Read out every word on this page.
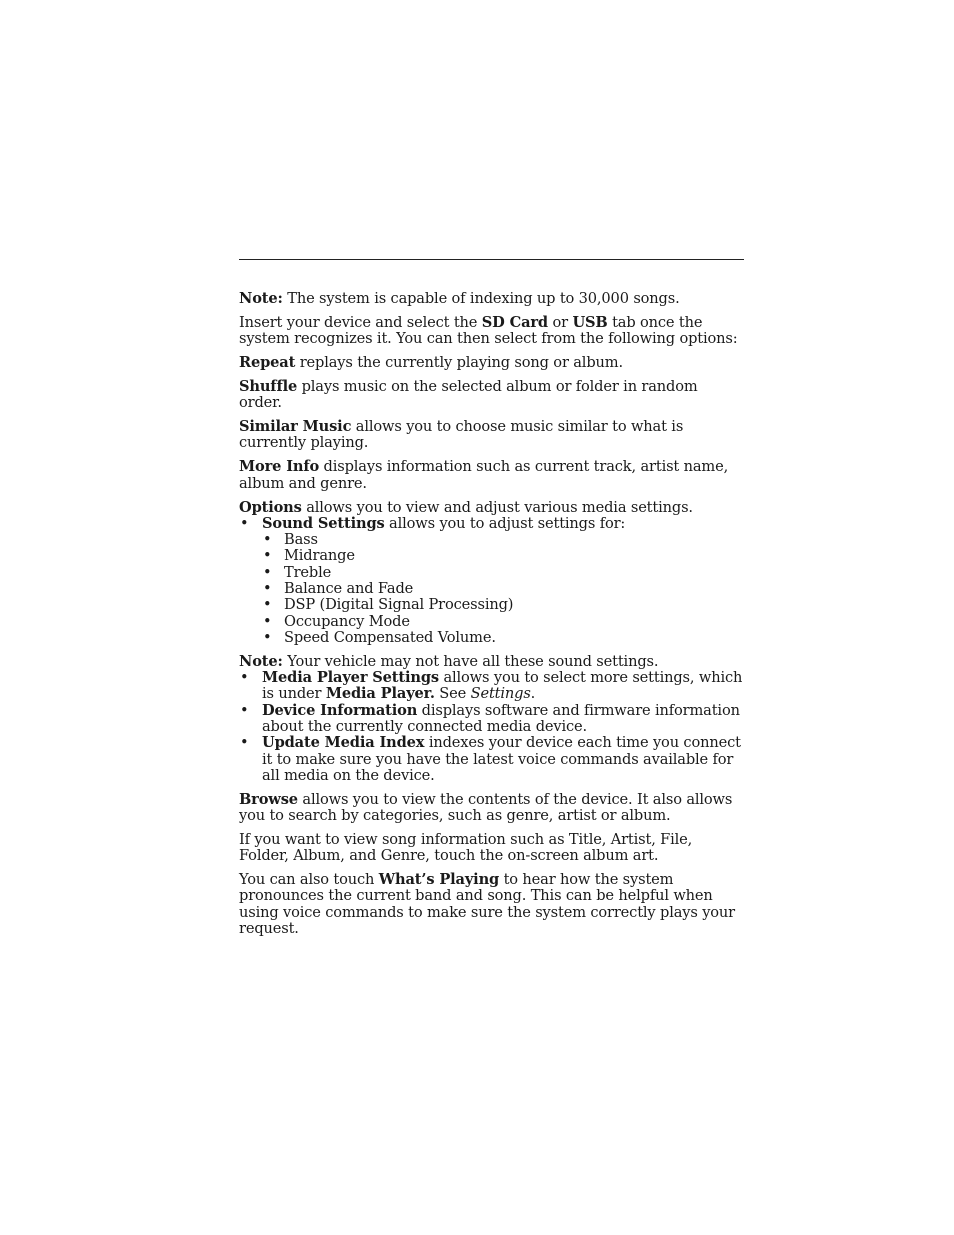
Note: The system is capable of indexing up to 30,000 songs.

Insert your device and select the SD Card or USB tab once the system recognizes it. You can then select from the following options:

Repeat replays the currently playing song or album.

Shuffle plays music on the selected album or folder in random order.

Similar Music allows you to choose music similar to what is currently playing.

More Info displays information such as current track, artist name, album and genre.

Options allows you to view and adjust various media settings.
• Sound Settings allows you to adjust settings for:
• Bass
• Midrange
• Treble
• Balance and Fade
• DSP (Digital Signal Processing)
• Occupancy Mode
• Speed Compensated Volume.
Note: Your vehicle may not have all these sound settings.
• Media Player Settings allows you to select more settings, which is under Media Player. See Settings.
• Device Information displays software and firmware information about the currently connected media device.
• Update Media Index indexes your device each time you connect it to make sure you have the latest voice commands available for all media on the device.

Browse allows you to view the contents of the device. It also allows you to search by categories, such as genre, artist or album.

If you want to view song information such as Title, Artist, File, Folder, Album, and Genre, touch the on-screen album art.

You can also touch What’s Playing to hear how the system pronounces the current band and song. This can be helpful when using voice commands to make sure the system correctly plays your request.
